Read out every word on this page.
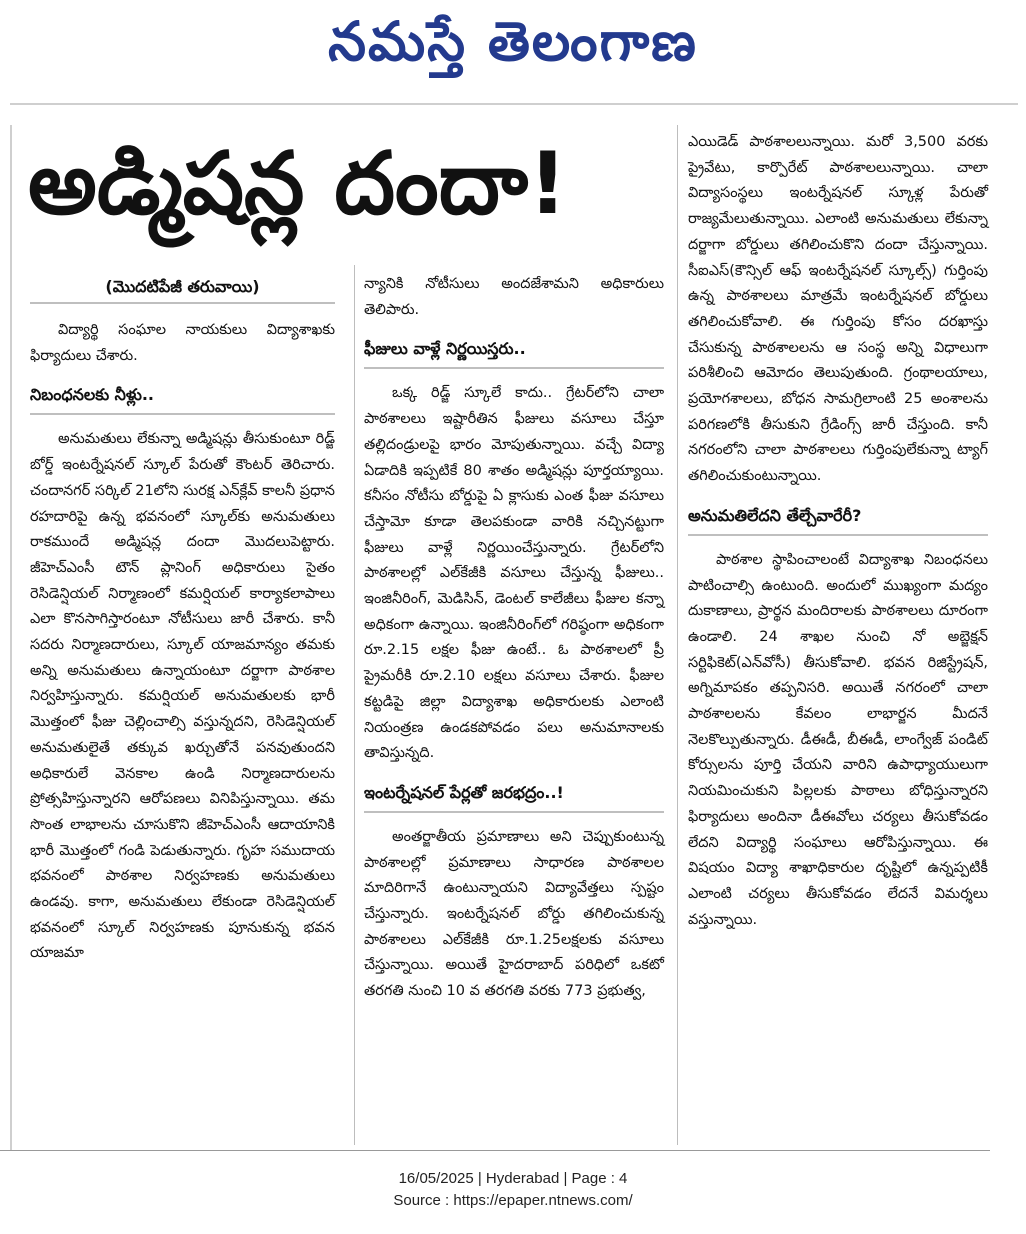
నమస్తే తెలంగాణ
అడ్మిషన్ల దందా!
(మొదటిపేజీ తరువాయి)

విద్యార్థి సంఘాల నాయకులు విద్యాశాఖకు ఫిర్యాదులు చేశారు.

నిబంధనలకు నీళ్లు..

అనుమతులు లేకున్నా అడ్మిషన్లు తీసుకుంటూ రిడ్జ్ బోర్డ్ ఇంటర్నేషనల్ స్కూల్ పేరుతో కౌంటర్ తెరిచారు. చందానగర్ సర్కిల్ 21లోని సురక్ష ఎన్‌క్లేవ్ కాలనీ ప్రధాన రహదారిపై ఉన్న భవనంలో స్కూల్‌కు అనుమతులు రాకముందే అడ్మిషన్ల దందా మొదలుపెట్టారు. జీహెచ్‌ఎంసీ టౌన్ ప్లానింగ్ అధికారులు సైతం రెసిడెన్షియల్ నిర్మాణంలో కమర్షియల్ కార్యాకలాపాలు ఎలా కొనసాగిస్తారంటూ నోటీసులు జారీ చేశారు. కానీ సదరు నిర్మాణదారులు, స్కూల్ యాజమాన్యం తమకు అన్ని అనుమతులు ఉన్నాయంటూ దర్జాగా పాఠశాల నిర్వహిస్తున్నారు. కమర్షియల్ అనుమతులకు భారీ మొత్తంలో ఫీజు చెల్లించాల్సి వస్తున్నదని, రెసిడెన్షియల్ అనుమతులైతే తక్కువ ఖర్చుతోనే పనవుతుందని అధికారులే వెనకాల ఉండి నిర్మాణదారులను ప్రోత్సహిస్తున్నారని ఆరోపణలు వినిపిస్తున్నాయి. తమ సొంత లాభాలను చూసుకొని జీహెచ్‌ఎంసీ ఆదాయానికి భారీ మొత్తంలో గండి పెడుతున్నారు. గృహ సముదాయ భవనంలో పాఠశాల నిర్వహణకు అనుమతులు ఉండవు. కాగా, అనుమతులు లేకుండా రెసిడెన్షియల్ భవనంలో స్కూల్ నిర్వహణకు పూనుకున్న భవన యాజమా

న్యానికి నోటీసులు అందజేశామని అధికారులు తెలిపారు.

ఫీజులు వాళ్లే నిర్ణయిస్తరు..

ఒక్క రిడ్జ్ స్కూలే కాదు.. గ్రేటర్‌లోని చాలా పాఠశాలలు ఇష్టారీతిన ఫీజులు వసూలు చేస్తూ తల్లిదండ్రులపై భారం మోపుతున్నాయి. వచ్చే విద్యా ఏడాదికి ఇప్పటికే 80 శాతం అడ్మిషన్లు పూర్తయ్యాయి. కనీసం నోటీసు బోర్డుపై ఏ క్లాసుకు ఎంత ఫీజు వసూలు చేస్తామో కూడా తెలపకుండా వారికి నచ్చినట్టుగా ఫీజులు వాళ్లే నిర్ణయించేస్తున్నారు. గ్రేటర్‌లోని పాఠశాలల్లో ఎల్‌కేజీకి వసూలు చేస్తున్న ఫీజులు.. ఇంజినీరింగ్, మెడిసిన్, డెంటల్ కాలేజీలు ఫీజుల కన్నా అధికంగా ఉన్నాయి. ఇంజినీరింగ్‌లో గరిష్ఠంగా అధికంగా రూ.2.15 లక్షల ఫీజు ఉంటే.. ఓ పాఠశాలలో ప్రీ ప్రైమరీకి రూ.2.10 లక్షలు వసూలు చేశారు. ఫీజుల కట్టడిపై జిల్లా విద్యాశాఖ అధికారులకు ఎలాంటి నియంత్రణ ఉండకపోవడం పలు అనుమానాలకు తావిస్తున్నది.

ఇంటర్నేషనల్ పేర్లతో జరభద్రం..!

అంతర్జాతీయ ప్రమాణాలు అని చెప్పుకుంటున్న పాఠశాలల్లో ప్రమాణాలు సాధారణ పాఠశాలల మాదిరిగానే ఉంటున్నాయని విద్యావేత్తలు స్పష్టం చేస్తున్నారు. ఇంటర్నేషనల్ బోర్డు తగిలించుకున్న పాఠశాలలు ఎల్‌కేజీకి రూ.1.25లక్షలకు వసూలు చేస్తున్నాయి. అయితే హైదరాబాద్ పరిధిలో ఒకటో తరగతి నుంచి 10 వ తరగతి వరకు 773 ప్రభుత్వ,

ఎయిడెడ్ పాఠశాలలున్నాయి. మరో 3,500 వరకు ప్రైవేటు, కార్పొరేట్ పాఠశాలలున్నాయి. చాలా విద్యాసంస్థలు ఇంటర్నేషనల్ స్కూళ్ల పేరుతో రాజ్యమేలుతున్నాయి. ఎలాంటి అనుమతులు లేకున్నా దర్జాగా బోర్డులు తగిలించుకొని దందా చేస్తున్నాయి. సీఐఎస్(కౌన్సిల్ ఆఫ్ ఇంటర్నేషనల్ స్కూల్స్) గుర్తింపు ఉన్న పాఠశాలలు మాత్రమే ఇంటర్నేషనల్ బోర్డులు తగిలించుకోవాలి. ఈ గుర్తింపు కోసం దరఖాస్తు చేసుకున్న పాఠశాలలను ఆ సంస్థ అన్ని విధాలుగా పరిశీలించి ఆమోదం తెలుపుతుంది. గ్రంథాలయాలు, ప్రయోగశాలలు, బోధన సామగ్రిలాంటి 25 అంశాలను పరిగణలోకి తీసుకుని గ్రేడింగ్స్ జారీ చేస్తుంది. కానీ నగరంలోని చాలా పాఠశాలలు గుర్తింపులేకున్నా ట్యాగ్ తగిలించుకుంటున్నాయి.

అనుమతిలేదని తేల్చేవారేరీ?

పాఠశాల స్థాపించాలంటే విద్యాశాఖ నిబంధనలు పాటించాల్సి ఉంటుంది. అందులో ముఖ్యంగా మద్యం దుకాణాలు, ప్రార్థన మందిరాలకు పాఠశాలలు దూరంగా ఉండాలి. 24 శాఖల నుంచి నో అబ్జెక్షన్ సర్టిఫికెట్(ఎన్‌వోసీ) తీసుకోవాలి. భవన రిజిస్ట్రేషన్, అగ్నిమాపకం తప్పనిసరి. అయితే నగరంలో చాలా పాఠశాలలను కేవలం లాభార్జన మీదనే నెలకొల్పుతున్నారు. డీఈడీ, బీఈడీ, లాంగ్వేజ్ పండిట్ కోర్సులను పూర్తి చేయని వారిని ఉపాధ్యాయులుగా నియమించుకుని పిల్లలకు పాఠాలు బోధిస్తున్నారని ఫిర్యాదులు అందినా డీఈవోలు చర్యలు తీసుకోవడం లేదని విద్యార్థి సంఘాలు ఆరోపిస్తున్నాయి. ఈ విషయం విద్యా శాఖాధికారుల దృష్టిలో ఉన్నప్పటికీ ఎలాంటి చర్యలు తీసుకోవడం లేదనే విమర్శలు వస్తున్నాయి.

16/05/2025 | Hyderabad | Page : 4
Source : https://epaper.ntnews.com/
